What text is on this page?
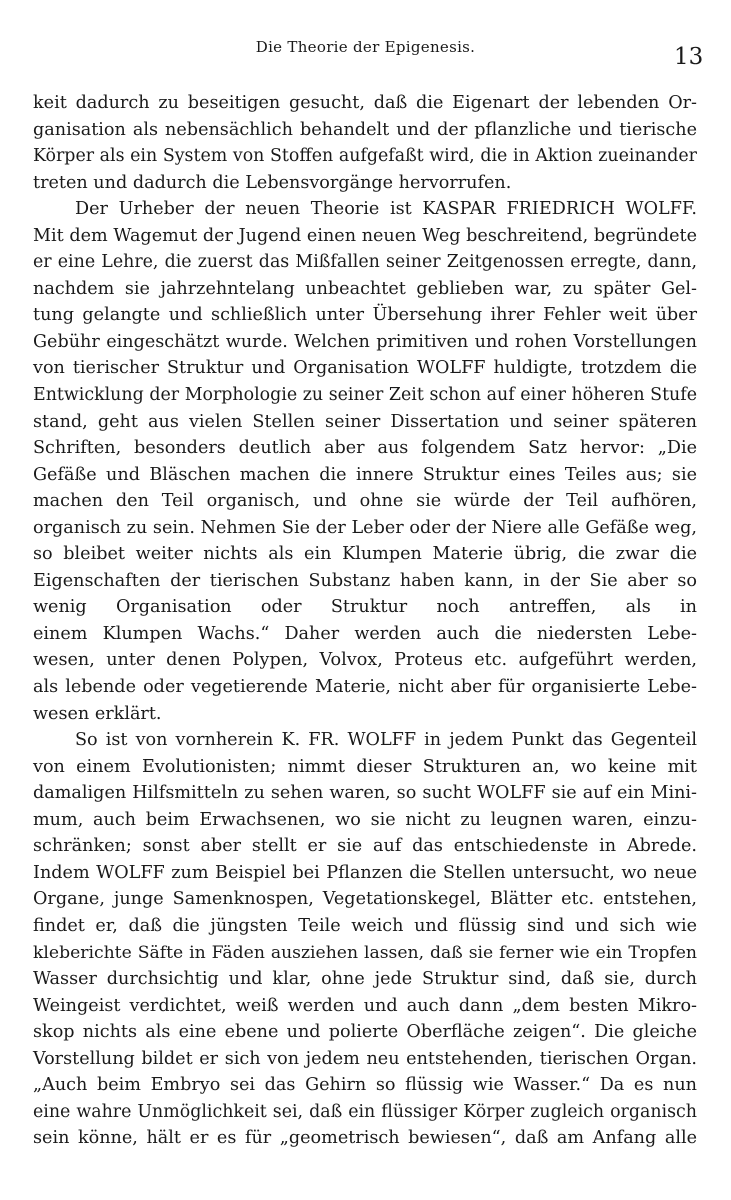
Die Theorie der Epigenesis.	13
keit dadurch zu beseitigen gesucht, daß die Eigenart der lebenden Or-
ganisation als nebensächlich behandelt und der pflanzliche und tierische
Körper als ein System von Stoffen aufgefaßt wird, die in Aktion zueinander
treten und dadurch die Lebensvorgänge hervorrufen.
Der Urheber der neuen Theorie ist KASPAR FRIEDRICH WOLFF.
Mit dem Wagemut der Jugend einen neuen Weg beschreitend, begründete
er eine Lehre, die zuerst das Mißfallen seiner Zeitgenossen erregte, dann,
nachdem sie jahrzehntelang unbeachtet geblieben war, zu später Gel-
tung gelangte und schließlich unter Übersehung ihrer Fehler weit über
Gebühr eingeschätzt wurde. Welchen primitiven und rohen Vorstellungen
von tierischer Struktur und Organisation WOLFF huldigte, trotzdem die
Entwicklung der Morphologie zu seiner Zeit schon auf einer höheren Stufe
stand, geht aus vielen Stellen seiner Dissertation und seiner späteren
Schriften, besonders deutlich aber aus folgendem Satz hervor: „Die
Gefäße und Bläschen machen die innere Struktur eines Teiles aus; sie
machen den Teil organisch, und ohne sie würde der Teil aufhören,
organisch zu sein. Nehmen Sie der Leber oder der Niere alle Gefäße weg,
so bleibet weiter nichts als ein Klumpen Materie übrig, die zwar die
Eigenschaften der tierischen Substanz haben kann, in der Sie aber so
wenig Organisation oder Struktur noch antreffen, als in
einem Klumpen Wachs.“ Daher werden auch die niedersten Lebe-
wesen, unter denen Polypen, Volvox, Proteus etc. aufgeführt werden,
als lebende oder vegetierende Materie, nicht aber für organisierte Lebe-
wesen erklärt.
So ist von vornherein K. FR. WOLFF in jedem Punkt das Gegenteil
von einem Evolutionisten; nimmt dieser Strukturen an, wo keine mit
damaligen Hilfsmitteln zu sehen waren, so sucht WOLFF sie auf ein Mini-
mum, auch beim Erwachsenen, wo sie nicht zu leugnen waren, einzu-
schränken; sonst aber stellt er sie auf das entschiedenste in Abrede.
Indem WOLFF zum Beispiel bei Pflanzen die Stellen untersucht, wo neue
Organe, junge Samenknospen, Vegetationskegel, Blätter etc. entstehen,
findet er, daß die jüngsten Teile weich und flüssig sind und sich wie
kleberichte Säfte in Fäden ausziehen lassen, daß sie ferner wie ein Tropfen
Wasser durchsichtig und klar, ohne jede Struktur sind, daß sie, durch
Weingeist verdichtet, weiß werden und auch dann „dem besten Mikro-
skop nichts als eine ebene und polierte Oberfläche zeigen“. Die gleiche
Vorstellung bildet er sich von jedem neu entstehenden, tierischen Organ.
„Auch beim Embryo sei das Gehirn so flüssig wie Wasser.“ Da es nun
eine wahre Unmöglichkeit sei, daß ein flüssiger Körper zugleich organisch
sein könne, hält er es für „geometrisch bewiesen“, daß am Anfang alle
